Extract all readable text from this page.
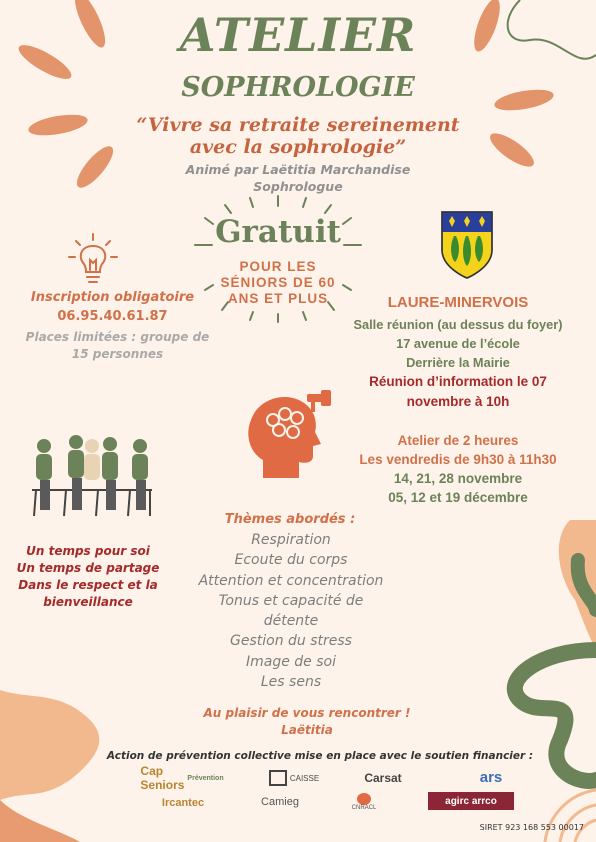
ATELIER
SOPHROLOGIE
“Vivre sa retraite sereinement
avec la sophrologie”
Animé par Laëtitia Marchandise
Sophrologue
Gratuit
POUR LES
SÉNIORS DE 60
ANS ET PLUS
Inscription obligatoire
06.95.40.61.87
Places limitées : groupe de
15 personnes
LAURE-MINERVOIS
Salle réunion (au dessus du foyer)
17 avenue de l’école
Derrière la Mairie
Réunion d’information le 07
novembre à 10h
Atelier de 2 heures
Les vendredis de 9h30 à 11h30
14, 21, 28 novembre
05, 12 et 19 décembre
Thèmes abordés :
Respiration
Ecoute du corps
Attention et concentration
Tonus et capacité de
détente
Gestion du stress
Image de soi
Les sens
Un temps pour soi
Un temps de partage
Dans le respect et la
bienveillance
Au plaisir de vous rencontrer !
Laëtitia
Action de prévention collective mise en place avec le soutien financier :
Cap Seniors Prévention	CAISSE	Carsat	ars
Ircantec	Camieg	CNRACL
agirc arrco
SIRET 923 168 553 00017
